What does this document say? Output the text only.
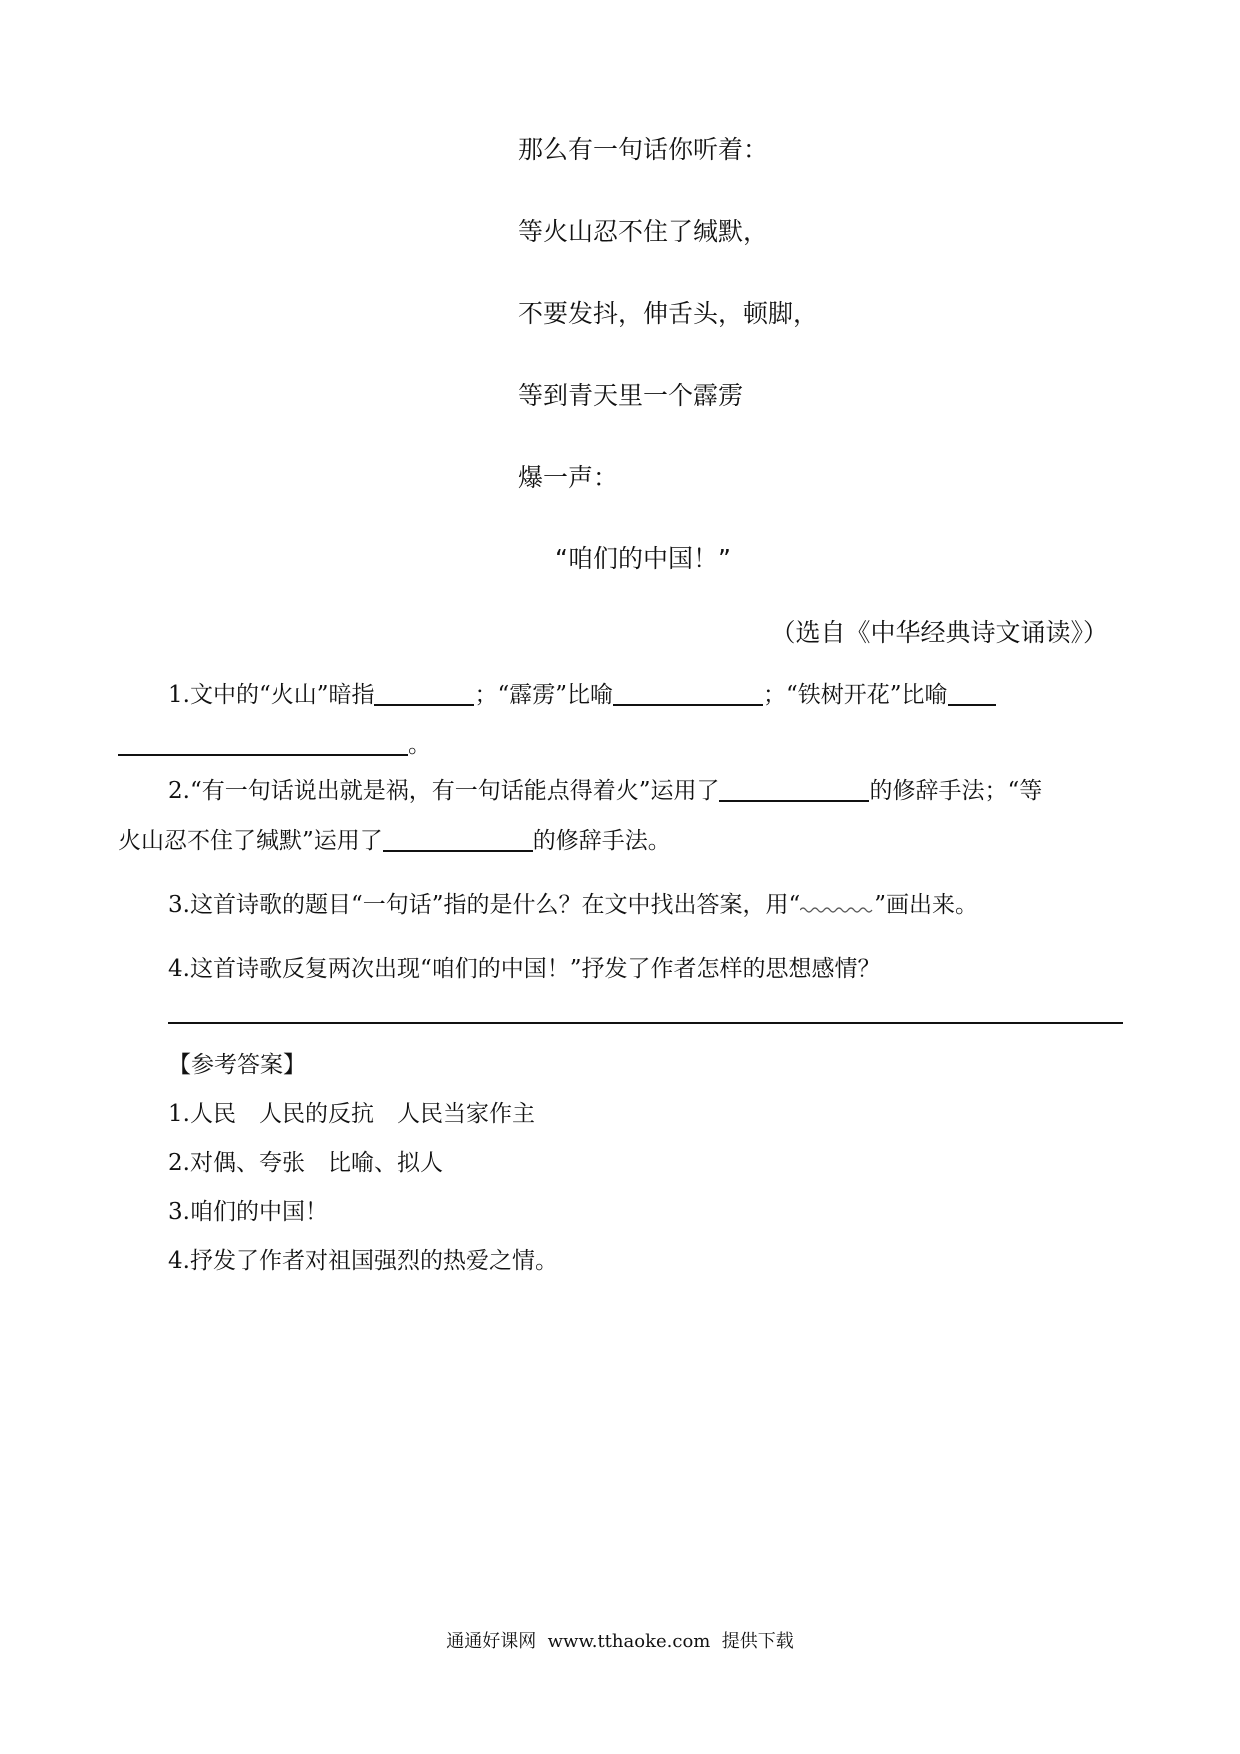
那么有一句话你听着：
等火山忍不住了缄默，
不要发抖，伸舌头，顿脚，
等到青天里一个霹雳
爆一声：
“咱们的中国！”
（选自《中华经典诗文诵读》）
1.文中的“火山”暗指	；“霹雳”比喻	；“铁树开花”比喻
。
2.“有一句话说出就是祸，有一句话能点得着火”运用了	的修辞手法；“等
火山忍不住了缄默”运用了	的修辞手法。
3.这首诗歌的题目“一句话”指的是什么？在文中找出答案，用“	”画出来。
4.这首诗歌反复两次出现“咱们的中国！”抒发了作者怎样的思想感情？
【参考答案】
1.人民　人民的反抗　人民当家作主
2.对偶、夸张　比喻、拟人
3.咱们的中国！
4.抒发了作者对祖国强烈的热爱之情。
通通好课网  www.tthaoke.com  提供下载
